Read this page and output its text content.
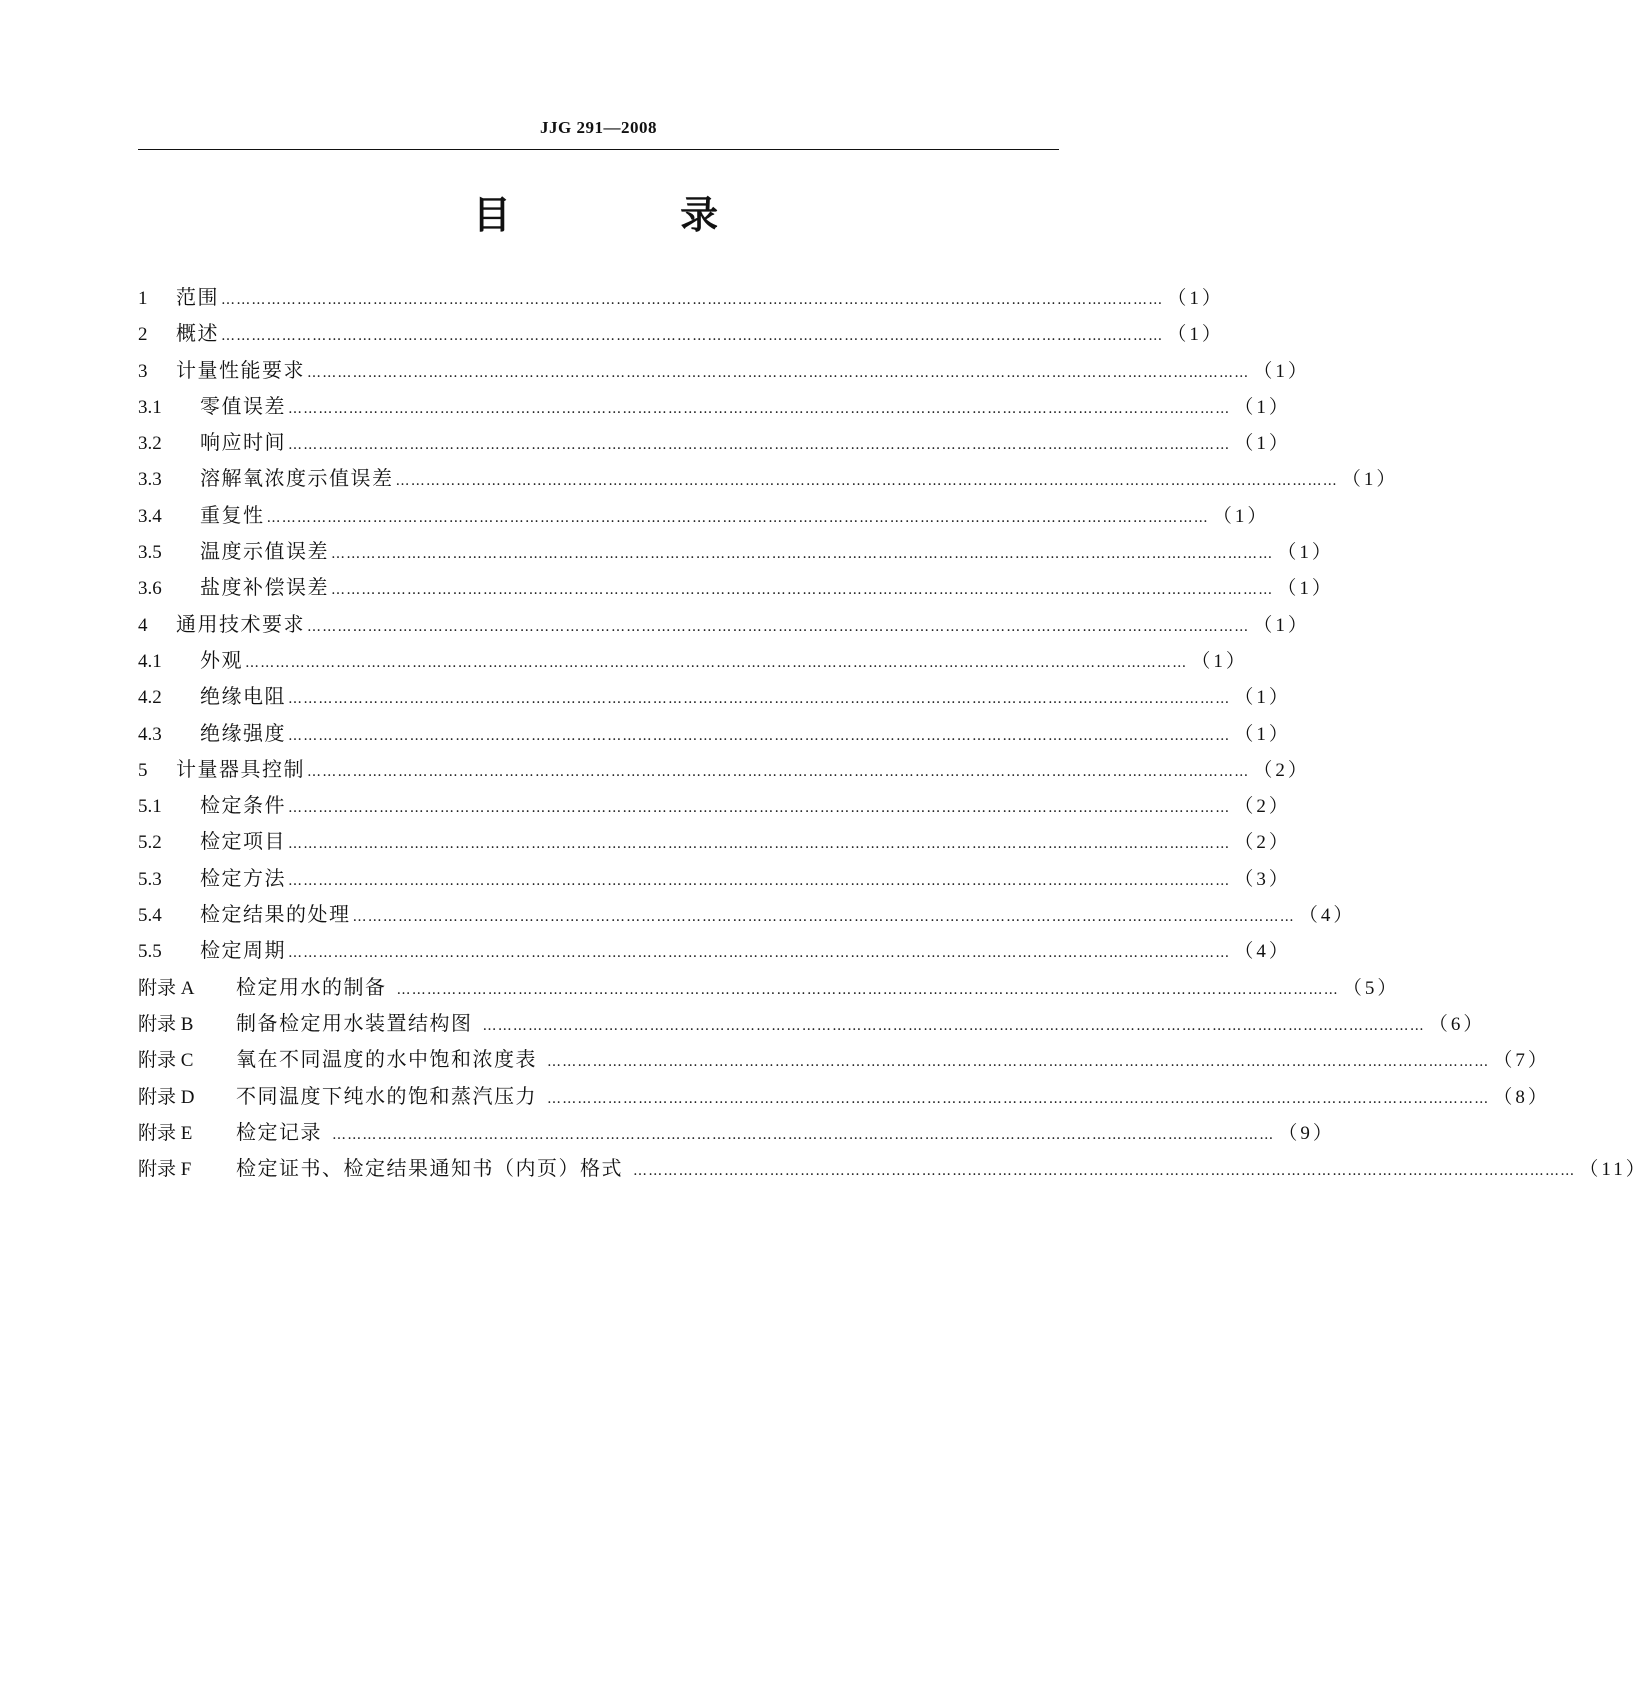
JJG 291—2008
目 录
1	范围 …………………………………………………………………………………………………………………………………………………………………… （1）
2	概述 …………………………………………………………………………………………………………………………………………………………………… （1）
3	计量性能要求 …………………………………………………………………………………………………………………………………………………………………… （1）
3.1	零值误差 …………………………………………………………………………………………………………………………………………………………………… （1）
3.2	响应时间 …………………………………………………………………………………………………………………………………………………………………… （1）
3.3	溶解氧浓度示值误差 …………………………………………………………………………………………………………………………………………………………………… （1）
3.4	重复性 …………………………………………………………………………………………………………………………………………………………………… （1）
3.5	温度示值误差 …………………………………………………………………………………………………………………………………………………………………… （1）
3.6	盐度补偿误差 …………………………………………………………………………………………………………………………………………………………………… （1）
4	通用技术要求 …………………………………………………………………………………………………………………………………………………………………… （1）
4.1	外观 …………………………………………………………………………………………………………………………………………………………………… （1）
4.2	绝缘电阻 …………………………………………………………………………………………………………………………………………………………………… （1）
4.3	绝缘强度 …………………………………………………………………………………………………………………………………………………………………… （1）
5	计量器具控制 …………………………………………………………………………………………………………………………………………………………………… （2）
5.1	检定条件 …………………………………………………………………………………………………………………………………………………………………… （2）
5.2	检定项目 …………………………………………………………………………………………………………………………………………………………………… （2）
5.3	检定方法 …………………………………………………………………………………………………………………………………………………………………… （3）
5.4	检定结果的处理 …………………………………………………………………………………………………………………………………………………………………… （4）
5.5	检定周期 …………………………………………………………………………………………………………………………………………………………………… （4）
附录 A	检定用水的制备 …………………………………………………………………………………………………………………………………………………………………… （5）
附录 B	制备检定用水装置结构图 …………………………………………………………………………………………………………………………………………………………………… （6）
附录 C	氧在不同温度的水中饱和浓度表 …………………………………………………………………………………………………………………………………………………………………… （7）
附录 D	不同温度下纯水的饱和蒸汽压力 …………………………………………………………………………………………………………………………………………………………………… （8）
附录 E	检定记录 …………………………………………………………………………………………………………………………………………………………………… （9）
附录 F	检定证书、检定结果通知书（内页）格式 …………………………………………………………………………………………………………………………………………………………………… （11）
